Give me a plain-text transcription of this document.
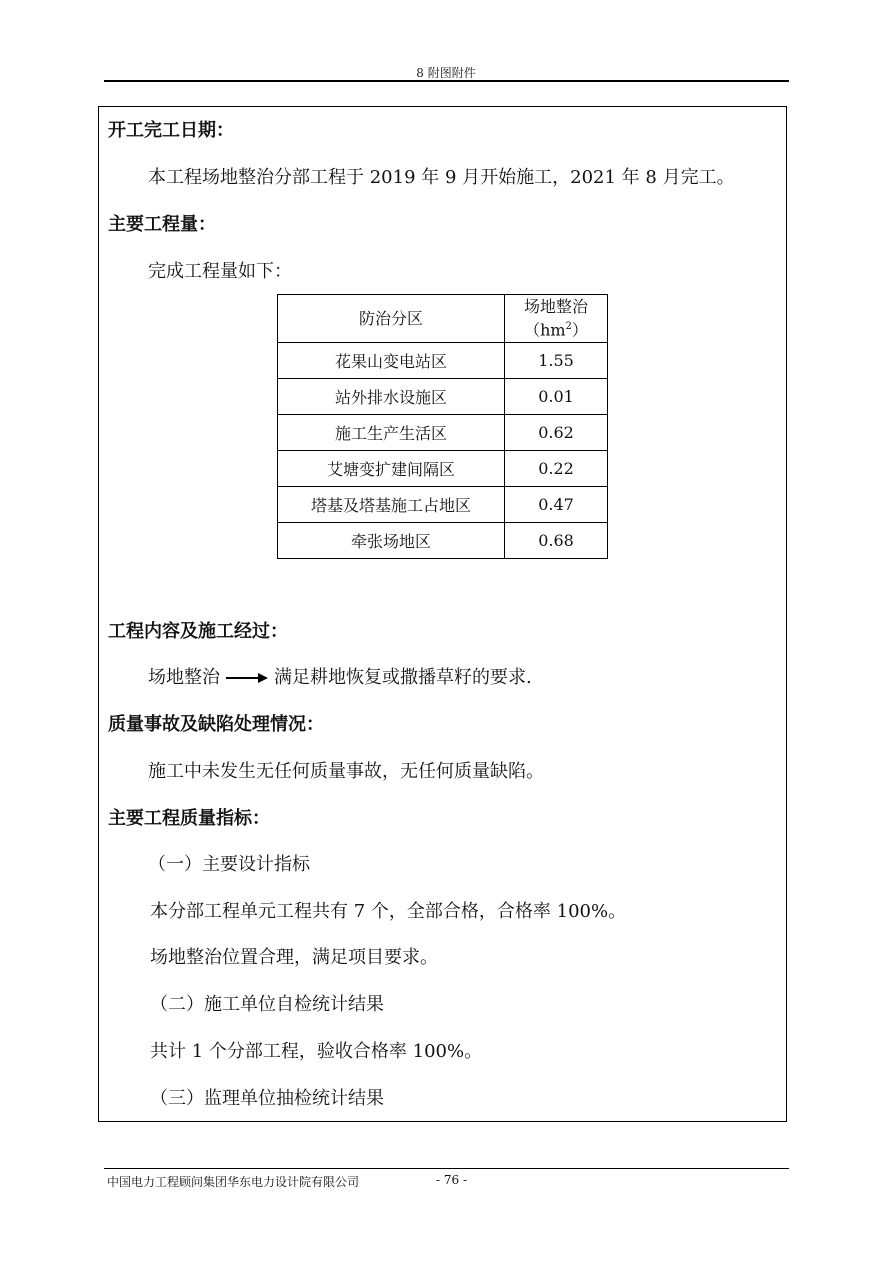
8 附图附件
开工完工日期：
本工程场地整治分部工程于 2019 年 9 月开始施工，2021 年 8 月完工。
主要工程量：
完成工程量如下：
防治分区	场地整治
$(hm^2)$

花果山变电站区	1.55
站外排水设施区	0.01
施工生产生活区	0.62
艾塘变扩建间隔区	0.22
塔基及塔基施工占地区	0.47
牵张场地区	0.68
工程内容及施工经过：
场地整治	满足耕地恢复或撒播草籽的要求.
质量事故及缺陷处理情况：
施工中未发生无任何质量事故，无任何质量缺陷。
主要工程质量指标：
（一）主要设计指标
本分部工程单元工程共有 7 个，全部合格，合格率 100%。
场地整治位置合理，满足项目要求。
（二）施工单位自检统计结果
共计 1 个分部工程，验收合格率 100%。
（三）监理单位抽检统计结果
中国电力工程顾问集团华东电力设计院有限公司	- 76 -
